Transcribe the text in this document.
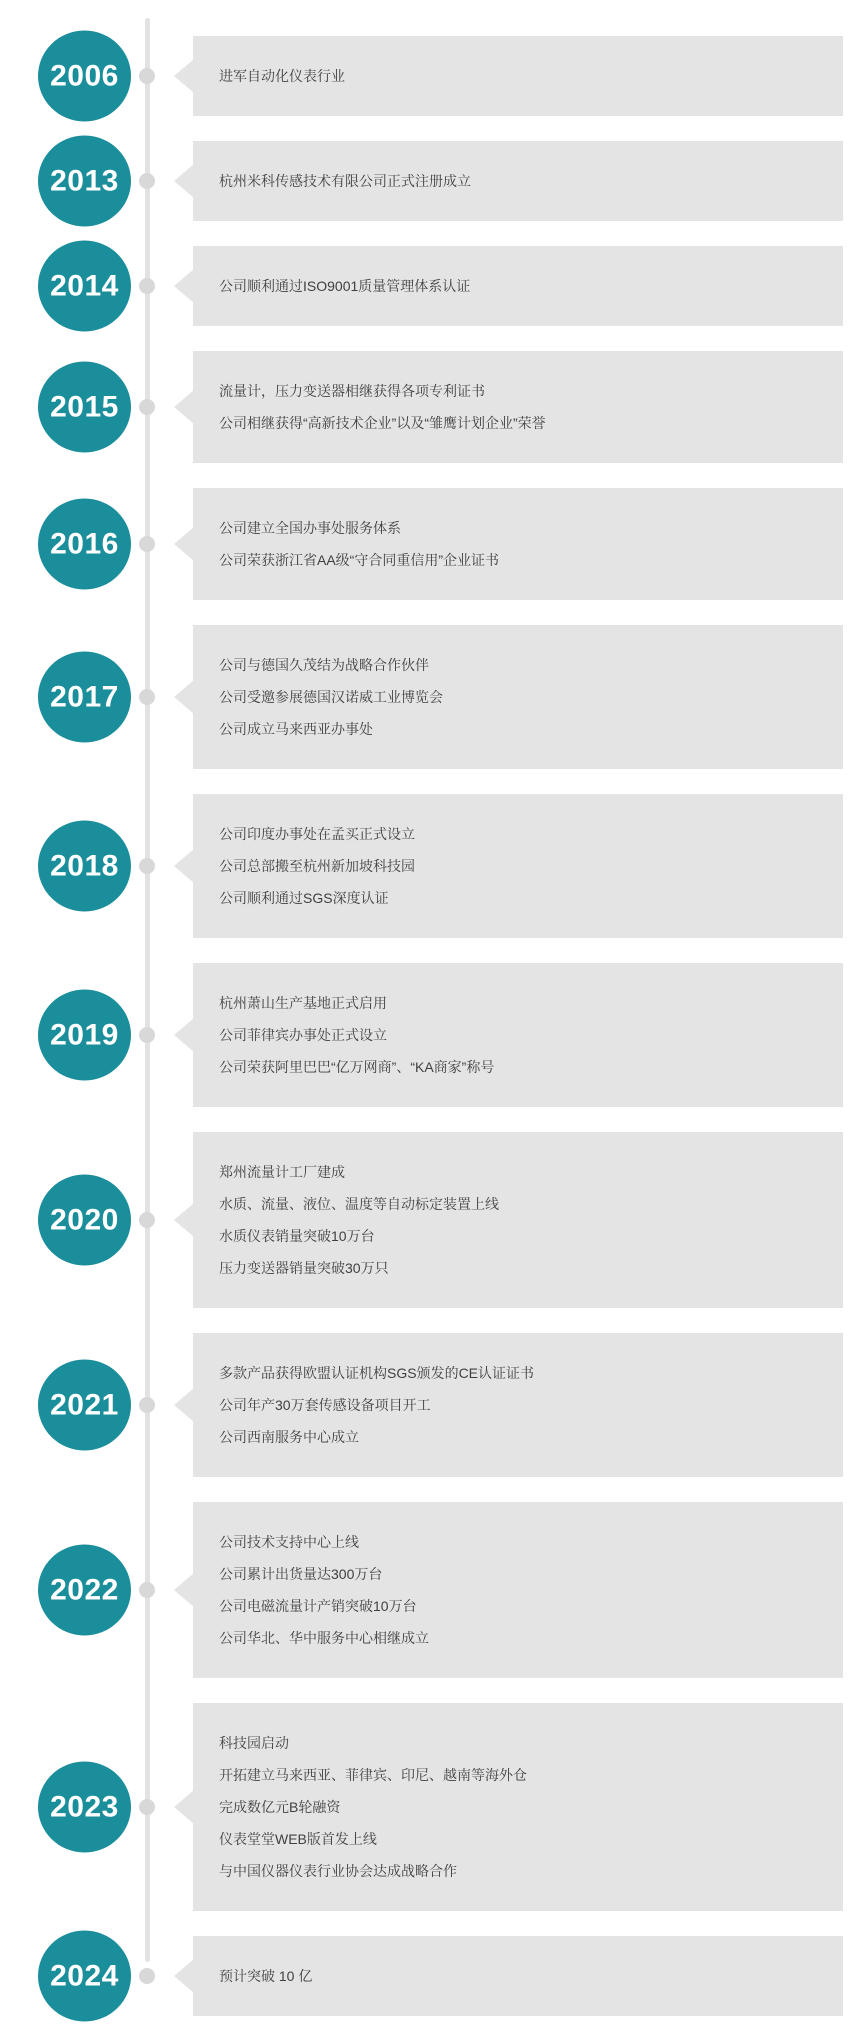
进军自动化仪表行业
2006
杭州米科传感技术有限公司正式注册成立
2013
公司顺利通过ISO9001质量管理体系认证
2014
流量计，压力变送器相继获得各项专利证书
公司相继获得“高新技术企业”以及“雏鹰计划企业”荣誉
2015
公司建立全国办事处服务体系
公司荣获浙江省AA级“守合同重信用”企业证书
2016
公司与德国久茂结为战略合作伙伴
公司受邀参展德国汉诺威工业博览会
公司成立马来西亚办事处
2017
公司印度办事处在孟买正式设立
公司总部搬至杭州新加坡科技园
公司顺利通过SGS深度认证
2018
杭州萧山生产基地正式启用
公司菲律宾办事处正式设立
公司荣获阿里巴巴“亿万网商”、“KA商家”称号
2019
郑州流量计工厂建成
水质、流量、液位、温度等自动标定装置上线
水质仪表销量突破10万台
压力变送器销量突破30万只
2020
多款产品获得欧盟认证机构SGS颁发的CE认证证书
公司年产30万套传感设备项目开工
公司西南服务中心成立
2021
公司技术支持中心上线
公司累计出货量达300万台
公司电磁流量计产销突破10万台
公司华北、华中服务中心相继成立
2022
科技园启动
开拓建立马来西亚、菲律宾、印尼、越南等海外仓
完成数亿元B轮融资
仪表堂堂WEB版首发上线
与中国仪器仪表行业协会达成战略合作
2023
预计突破 10 亿
2024
